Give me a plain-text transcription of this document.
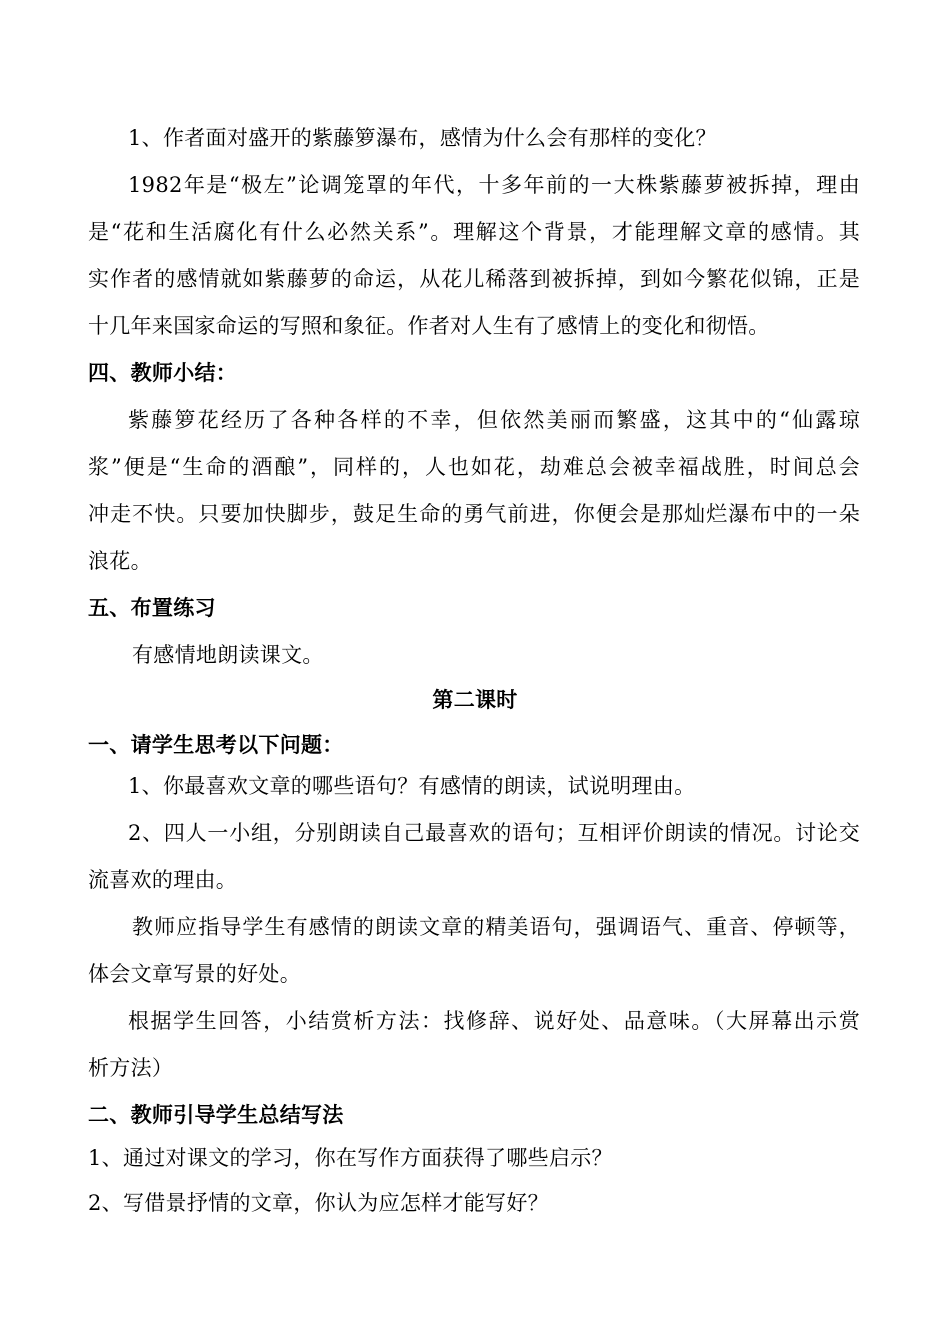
1、作者面对盛开的紫藤箩瀑布，感情为什么会有那样的变化？
1982年是“极左”论调笼罩的年代，十多年前的一大株紫藤萝被拆掉，理由
是“花和生活腐化有什么必然关系”。理解这个背景，才能理解文章的感情。其
实作者的感情就如紫藤萝的命运，从花儿稀落到被拆掉，到如今繁花似锦，正是
十几年来国家命运的写照和象征。作者对人生有了感情上的变化和彻悟。
四、教师小结：
紫藤箩花经历了各种各样的不幸，但依然美丽而繁盛，这其中的“仙露琼
浆”便是“生命的酒酿”，同样的，人也如花，劫难总会被幸福战胜，时间总会
冲走不快。只要加快脚步，鼓足生命的勇气前进，你便会是那灿烂瀑布中的一朵
浪花。
五、布置练习
有感情地朗读课文。
第二课时
一、请学生思考以下问题：
1、你最喜欢文章的哪些语句？有感情的朗读，试说明理由。
2、四人一小组，分别朗读自己最喜欢的语句；互相评价朗读的情况。讨论交
流喜欢的理由。
教师应指导学生有感情的朗读文章的精美语句，强调语气、重音、停顿等，
体会文章写景的好处。
根据学生回答，小结赏析方法：找修辞、说好处、品意味。（大屏幕出示赏
析方法）
二、教师引导学生总结写法
1、通过对课文的学习，你在写作方面获得了哪些启示？
2、写借景抒情的文章，你认为应怎样才能写好？
